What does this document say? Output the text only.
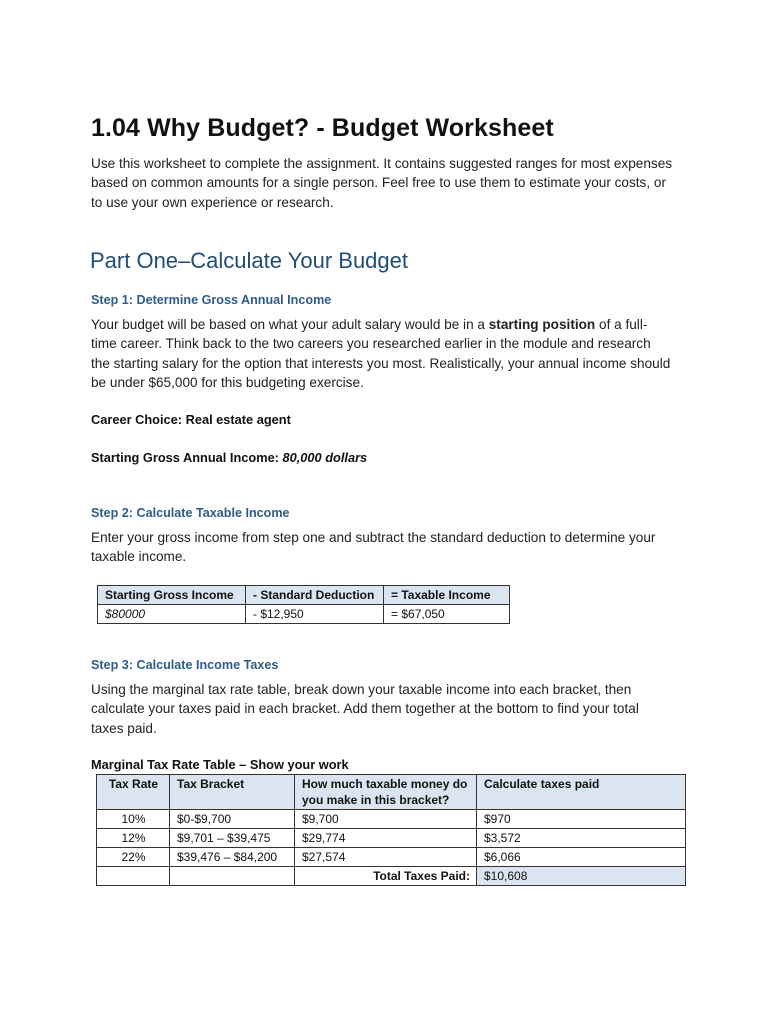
1.04 Why Budget? - Budget Worksheet

Use this worksheet to complete the assignment. It contains suggested ranges for most expenses based on common amounts for a single person. Feel free to use them to estimate your costs, or to use your own experience or research.

Part One–Calculate Your Budget
Step 1: Determine Gross Annual Income

Your budget will be based on what your adult salary would be in a starting position of a full-time career. Think back to the two careers you researched earlier in the module and research the starting salary for the option that interests you most. Realistically, your annual income should be under $65,000 for this budgeting exercise.

Career Choice: Real estate agent
Starting Gross Annual Income: 80,000 dollars
Step 2: Calculate Taxable Income

Enter your gross income from step one and subtract the standard deduction to determine your taxable income.

Starting Gross Income	- Standard Deduction	= Taxable Income
$80000	- $12,950	= $67,050
Step 3: Calculate Income Taxes

Using the marginal tax rate table, break down your taxable income into each bracket, then calculate your taxes paid in each bracket. Add them together at the bottom to find your total taxes paid.

Marginal Tax Rate Table – Show your work
Tax Rate	Tax Bracket	How much taxable money do you make in this bracket?	Calculate taxes paid
10%	$0-$9,700	$9,700	$970
12%	$9,701 – $39,475	$29,774	$3,572
22%	$39,476 – $84,200	$27,574	$6,066
		Total Taxes Paid:	$10,608
